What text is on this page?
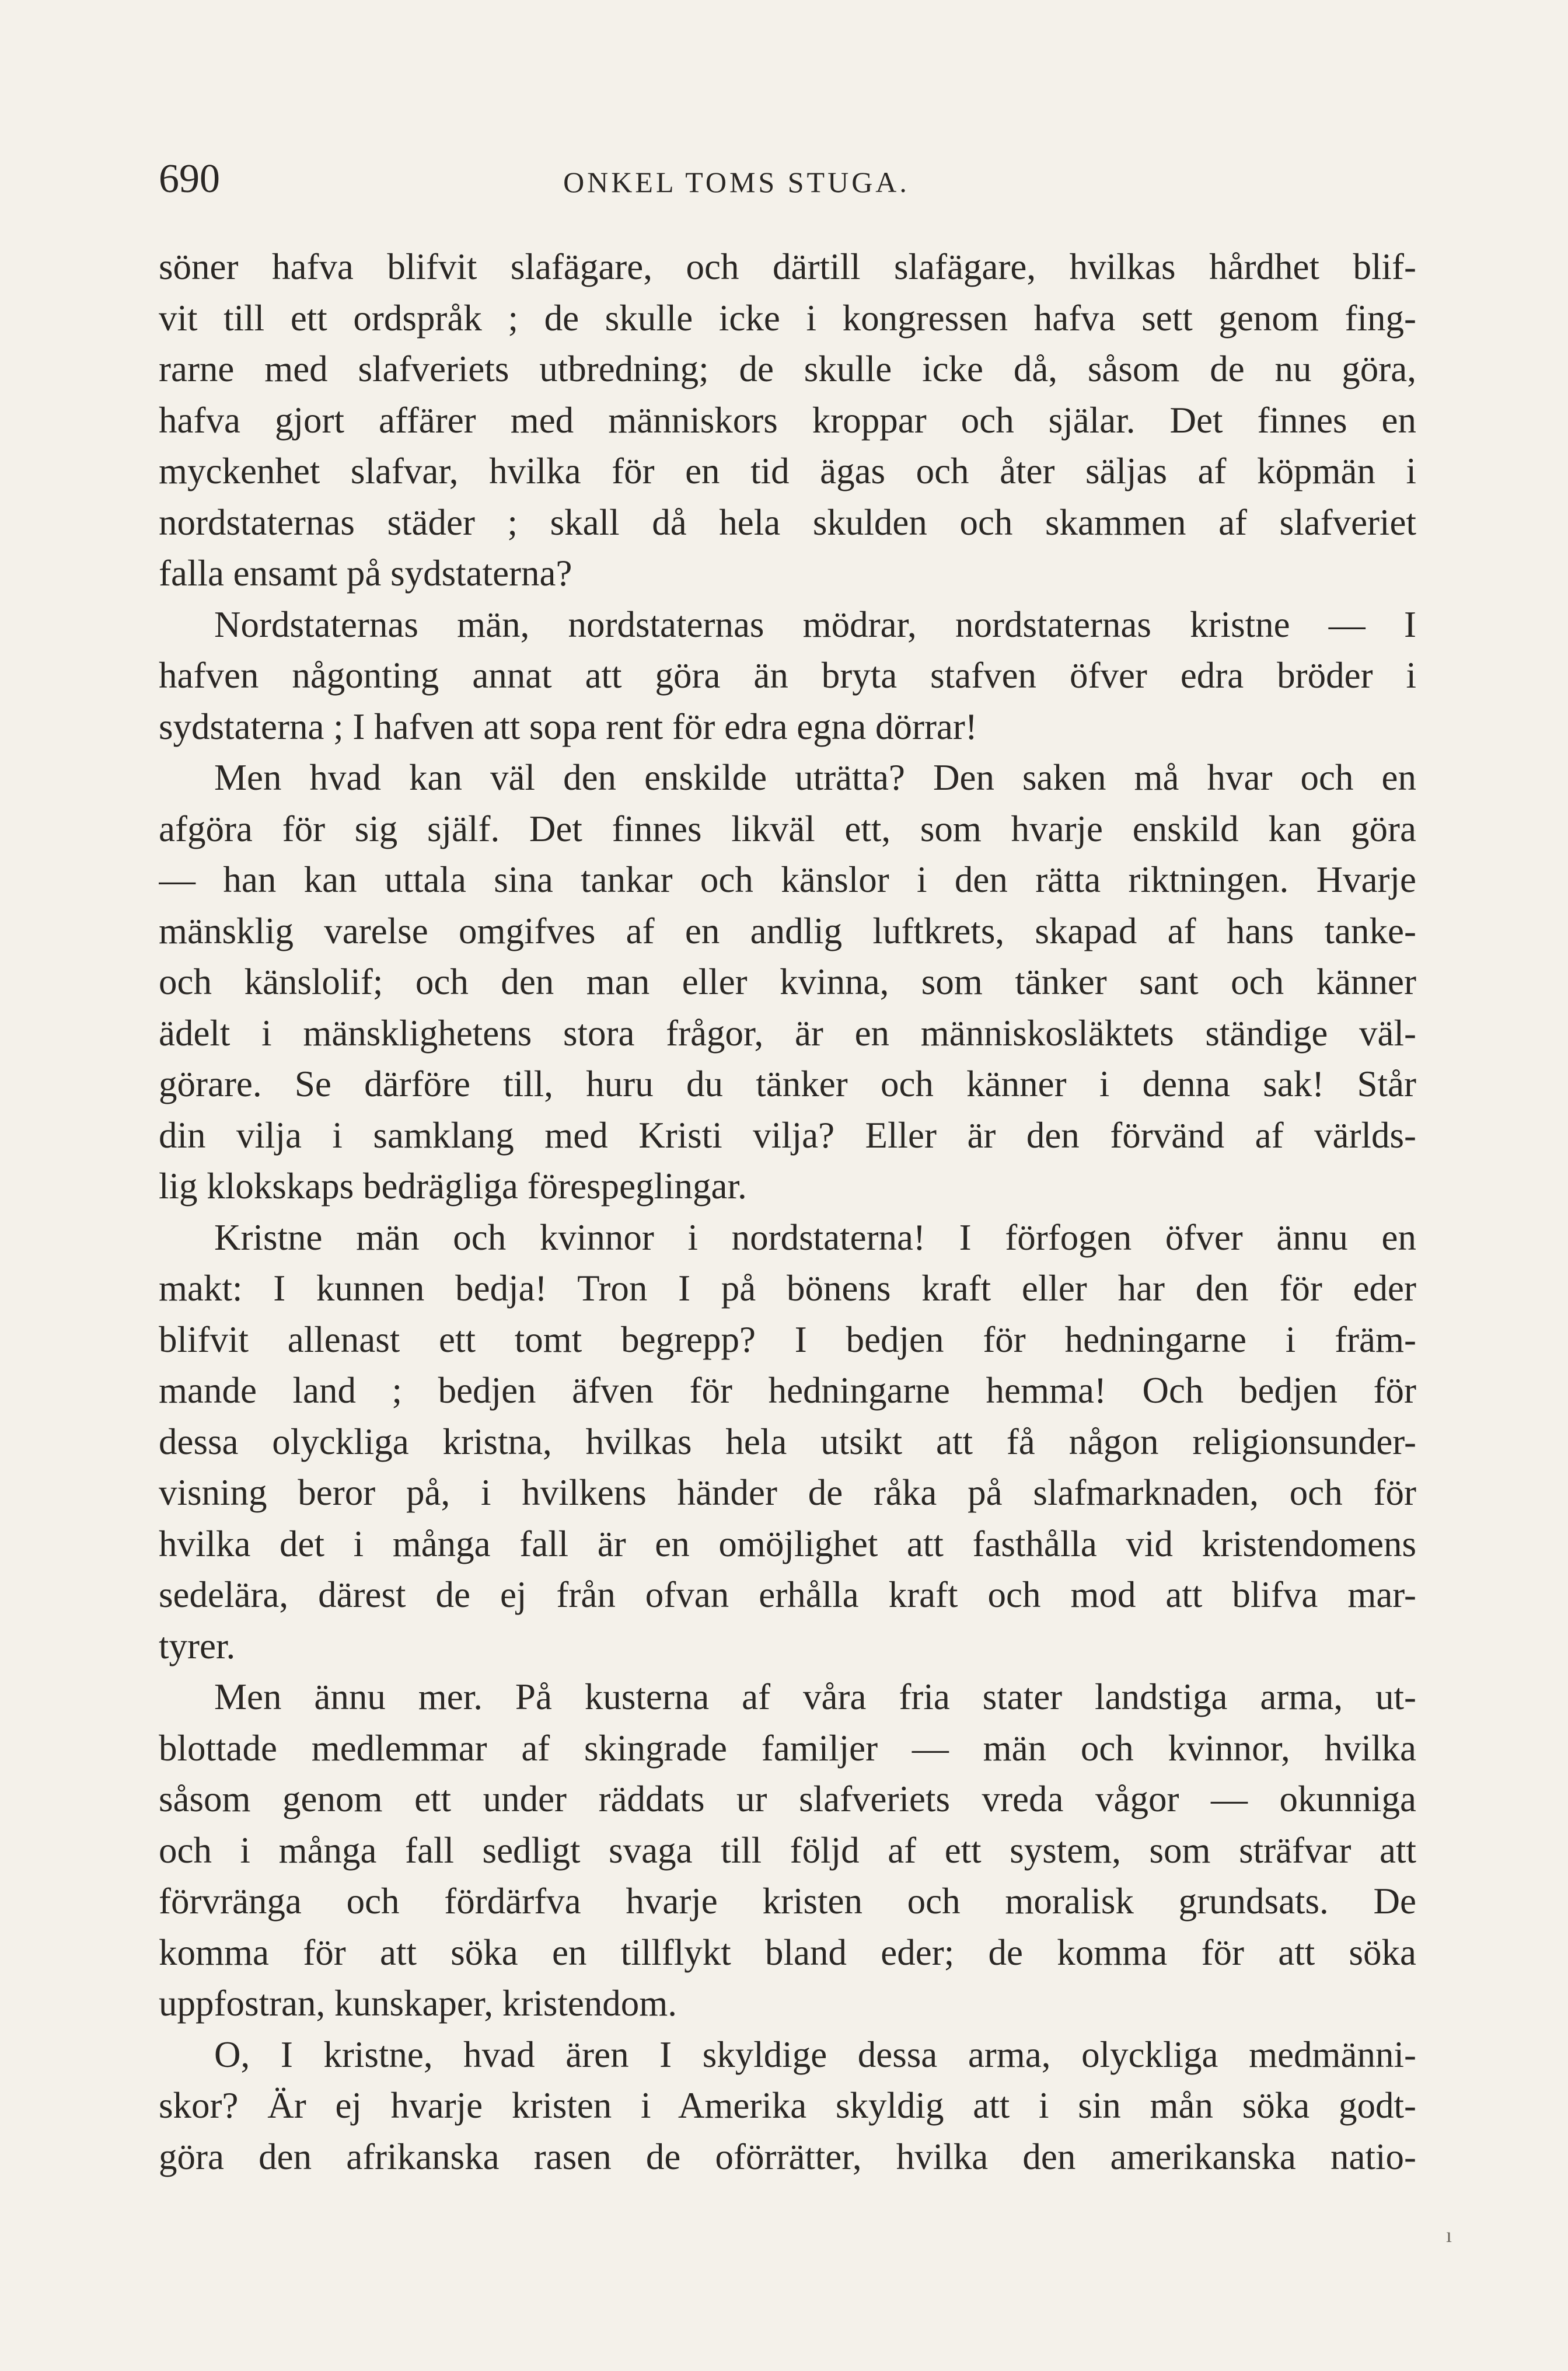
690	ONKEL TOMS STUGA.
söner hafva blifvit slafägare, och därtill slafägare, hvilkas hårdhet blif-
vit till ett ordspråk ; de skulle icke i kongressen hafva sett genom fing-
rarne med slafveriets utbredning; de skulle icke då, såsom de nu göra,
hafva gjort affärer med människors kroppar och själar. Det finnes en
myckenhet slafvar, hvilka för en tid ägas och åter säljas af köpmän i
nordstaternas städer ; skall då hela skulden och skammen af slafveriet
falla ensamt på sydstaterna?
Nordstaternas män, nordstaternas mödrar, nordstaternas kristne — I
hafven någonting annat att göra än bryta stafven öfver edra bröder i
sydstaterna ; I hafven att sopa rent för edra egna dörrar!
Men hvad kan väl den enskilde uträtta? Den saken må hvar och en
afgöra för sig själf. Det finnes likväl ett, som hvarje enskild kan göra
— han kan uttala sina tankar och känslor i den rätta riktningen. Hvarje
mänsklig varelse omgifves af en andlig luftkrets, skapad af hans tanke-
och känslolif; och den man eller kvinna, som tänker sant och känner
ädelt i mänsklighetens stora frågor, är en människosläktets ständige väl-
görare. Se därföre till, huru du tänker och känner i denna sak! Står
din vilja i samklang med Kristi vilja? Eller är den förvänd af världs-
lig klokskaps bedrägliga förespeglingar.
Kristne män och kvinnor i nordstaterna! I förfogen öfver ännu en
makt: I kunnen bedja! Tron I på bönens kraft eller har den för eder
blifvit allenast ett tomt begrepp? I bedjen för hedningarne i främ-
mande land ; bedjen äfven för hedningarne hemma! Och bedjen för
dessa olyckliga kristna, hvilkas hela utsikt att få någon religionsunder-
visning beror på, i hvilkens händer de råka på slafmarknaden, och för
hvilka det i många fall är en omöjlighet att fasthålla vid kristendomens
sedelära, därest de ej från ofvan erhålla kraft och mod att blifva mar-
tyrer.
Men ännu mer. På kusterna af våra fria stater landstiga arma, ut-
blottade medlemmar af skingrade familjer — män och kvinnor, hvilka
såsom genom ett under räddats ur slafveriets vreda vågor — okunniga
och i många fall sedligt svaga till följd af ett system, som sträfvar att
förvränga och fördärfva hvarje kristen och moralisk grundsats. De
komma för att söka en tillflykt bland eder; de komma för att söka
uppfostran, kunskaper, kristendom.
O, I kristne, hvad ären I skyldige dessa arma, olyckliga medmänni-
skor? Är ej hvarje kristen i Amerika skyldig att i sin mån söka godt-
göra den afrikanska rasen de oförrätter, hvilka den amerikanska natio-
ı
